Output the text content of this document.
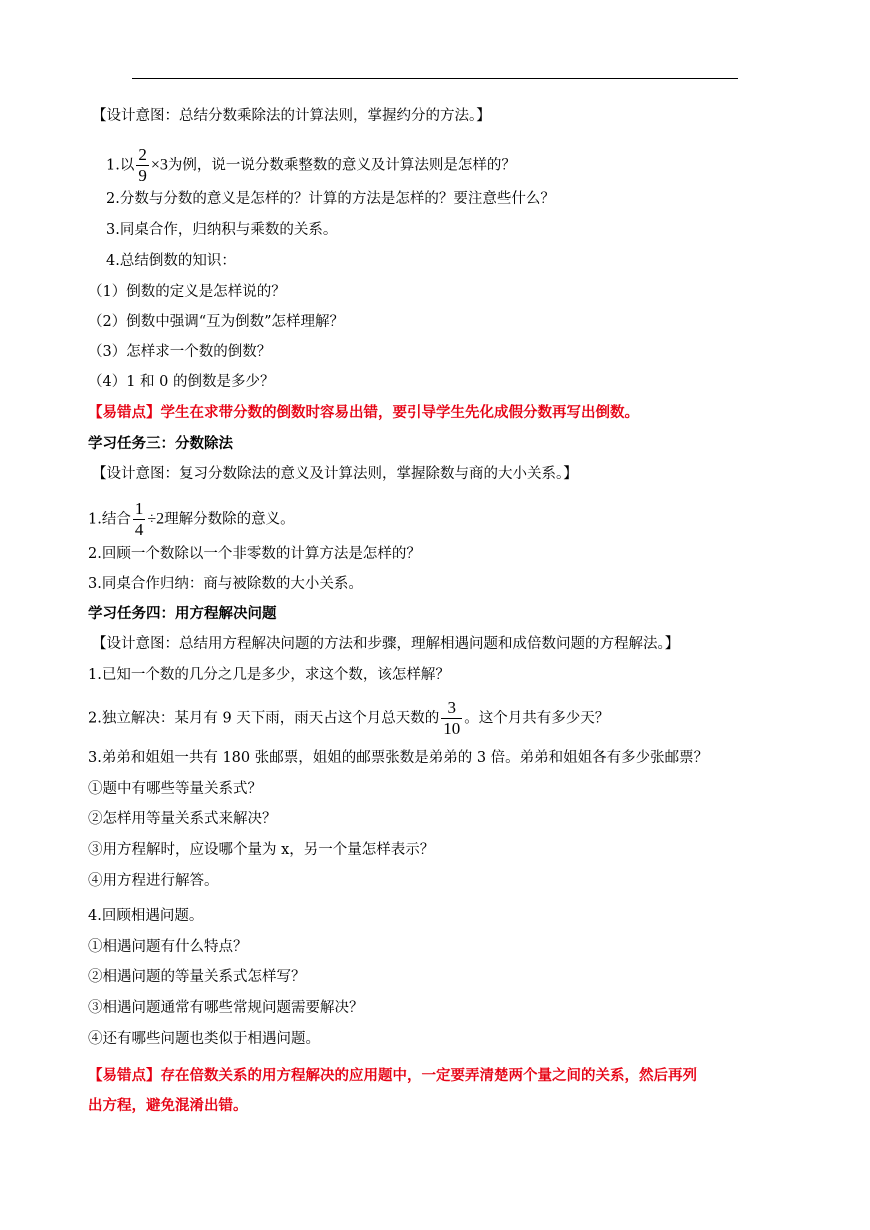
【设计意图：总结分数乘除法的计算法则，掌握约分的方法。】
1.以 $\frac{2}{9} \times 3$为例，说一说分数乘整数的意义及计算法则是怎样的？
2.分数与分数的意义是怎样的？计算的方法是怎样的？要注意些什么？
3.同桌合作，归纳积与乘数的关系。
4.总结倒数的知识：
（1）倒数的定义是怎样说的？
（2）倒数中强调“互为倒数”怎样理解？
（3）怎样求一个数的倒数？
（4）1 和 0 的倒数是多少？
【易错点】学生在求带分数的倒数时容易出错，要引导学生先化成假分数再写出倒数。
学习任务三：分数除法
【设计意图：复习分数除法的意义及计算法则，掌握除数与商的大小关系。】
1.结合 $\frac{1}{4} \div 2$理解分数除的意义。
2.回顾一个数除以一个非零数的计算方法是怎样的？
3.同桌合作归纳：商与被除数的大小关系。
学习任务四：用方程解决问题
【设计意图：总结用方程解决问题的方法和步骤，理解相遇问题和成倍数问题的方程解法。】
1.已知一个数的几分之几是多少，求这个数，该怎样解？
2.独立解决：某月有 9 天下雨，雨天占这个月总天数的 $\frac{3}{10}$ 。这个月共有多少天？
3.弟弟和姐姐一共有 180 张邮票，姐姐的邮票张数是弟弟的 3 倍。弟弟和姐姐各有多少张邮票？
①题中有哪些等量关系式？
②怎样用等量关系式来解决？
③用方程解时，应设哪个量为 x，另一个量怎样表示？
④用方程进行解答。
4.回顾相遇问题。
①相遇问题有什么特点？
②相遇问题的等量关系式怎样写？
③相遇问题通常有哪些常规问题需要解决？
④还有哪些问题也类似于相遇问题。
【易错点】存在倍数关系的用方程解决的应用题中，一定要弄清楚两个量之间的关系，然后再列
出方程，避免混淆出错。
